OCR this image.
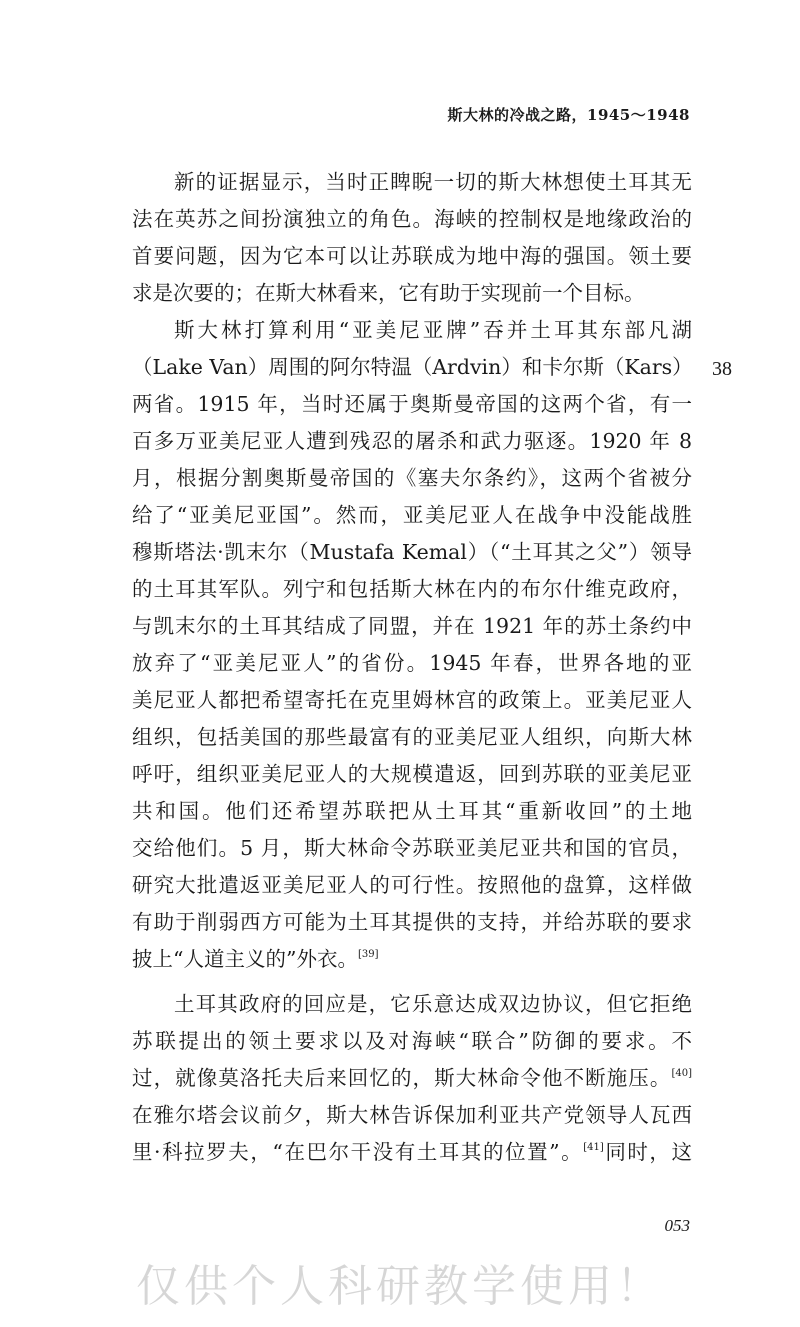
斯大林的冷战之路，1945～1948
新的证据显示，当时正睥睨一切的斯大林想使土耳其无
法在英苏之间扮演独立的角色。海峡的控制权是地缘政治的
首要问题，因为它本可以让苏联成为地中海的强国。领土要
求是次要的；在斯大林看来，它有助于实现前一个目标。
斯大林打算利用“亚美尼亚牌”吞并土耳其东部凡湖
（Lake Van）周围的阿尔特温（Ardvin）和卡尔斯（Kars）
两省。1915 年，当时还属于奥斯曼帝国的这两个省，有一
百多万亚美尼亚人遭到残忍的屠杀和武力驱逐。1920 年 8
月，根据分割奥斯曼帝国的《塞夫尔条约》，这两个省被分
给了“亚美尼亚国”。然而，亚美尼亚人在战争中没能战胜
穆斯塔法·凯末尔（Mustafa Kemal）（“土耳其之父”）领导
的土耳其军队。列宁和包括斯大林在内的布尔什维克政府，
与凯末尔的土耳其结成了同盟，并在 1921 年的苏土条约中
放弃了“亚美尼亚人”的省份。1945 年春，世界各地的亚
美尼亚人都把希望寄托在克里姆林宫的政策上。亚美尼亚人
组织，包括美国的那些最富有的亚美尼亚人组织，向斯大林
呼吁，组织亚美尼亚人的大规模遣返，回到苏联的亚美尼亚
共和国。他们还希望苏联把从土耳其“重新收回”的土地
交给他们。5 月，斯大林命令苏联亚美尼亚共和国的官员，
研究大批遣返亚美尼亚人的可行性。按照他的盘算，这样做
有助于削弱西方可能为土耳其提供的支持，并给苏联的要求
披上“人道主义的”外衣。[39]
土耳其政府的回应是，它乐意达成双边协议，但它拒绝
苏联提出的领土要求以及对海峡“联合”防御的要求。不
过，就像莫洛托夫后来回忆的，斯大林命令他不断施压。[40]
在雅尔塔会议前夕，斯大林告诉保加利亚共产党领导人瓦西
里·科拉罗夫，“在巴尔干没有土耳其的位置”。[41]同时，这
38
053
仅供个人科研教学使用！
